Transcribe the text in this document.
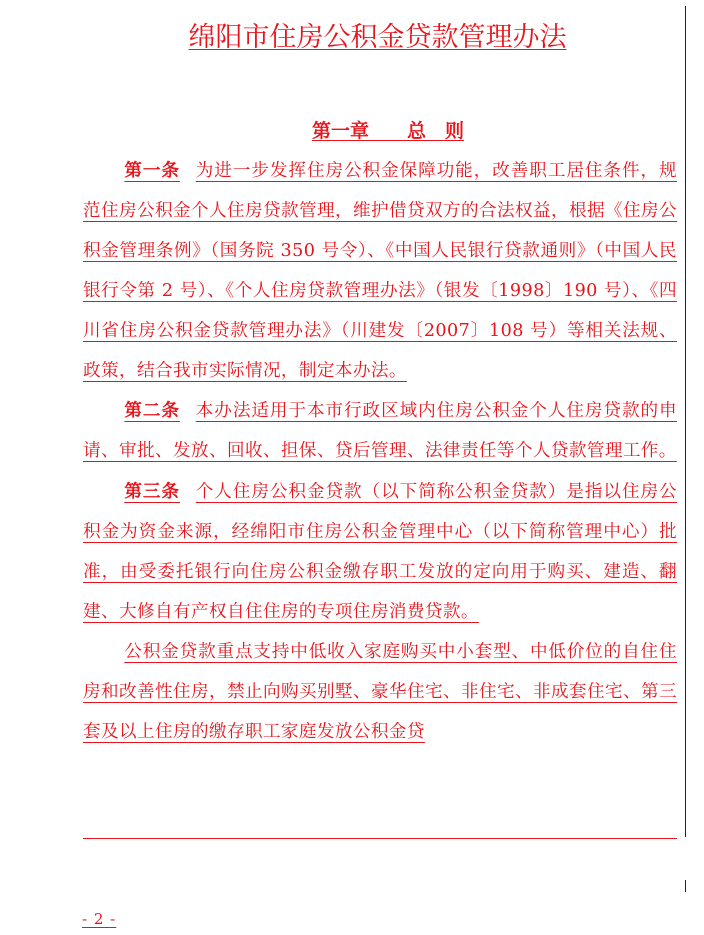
绵阳市住房公积金贷款管理办法
第一章　　总　则

第一条 为进一步发挥住房公积金保障功能，改善职工居住条件，规范住房公积金个人住房贷款管理，维护借贷双方的合法权益，根据《住房公积金管理条例》（国务院 350 号令）、《中国人民银行贷款通则》（中国人民银行令第 2 号）、《个人住房贷款管理办法》（银发〔1998〕190 号）、《四川省住房公积金贷款管理办法》（川建发〔2007〕108 号）等相关法规、政策，结合我市实际情况，制定本办法。

第二条 本办法适用于本市行政区域内住房公积金个人住房贷款的申请、审批、发放、回收、担保、贷后管理、法律责任等个人贷款管理工作。

第三条 个人住房公积金贷款（以下简称公积金贷款）是指以住房公积金为资金来源，经绵阳市住房公积金管理中心（以下简称管理中心）批准，由受委托银行向住房公积金缴存职工发放的定向用于购买、建造、翻建、大修自有产权自住住房的专项住房消费贷款。

公积金贷款重点支持中低收入家庭购买中小套型、中低价位的自住住房和改善性住房，禁止向购买别墅、豪华住宅、非住宅、非成套住宅、第三套及以上住房的缴存职工家庭发放公积金贷

- 2 -
